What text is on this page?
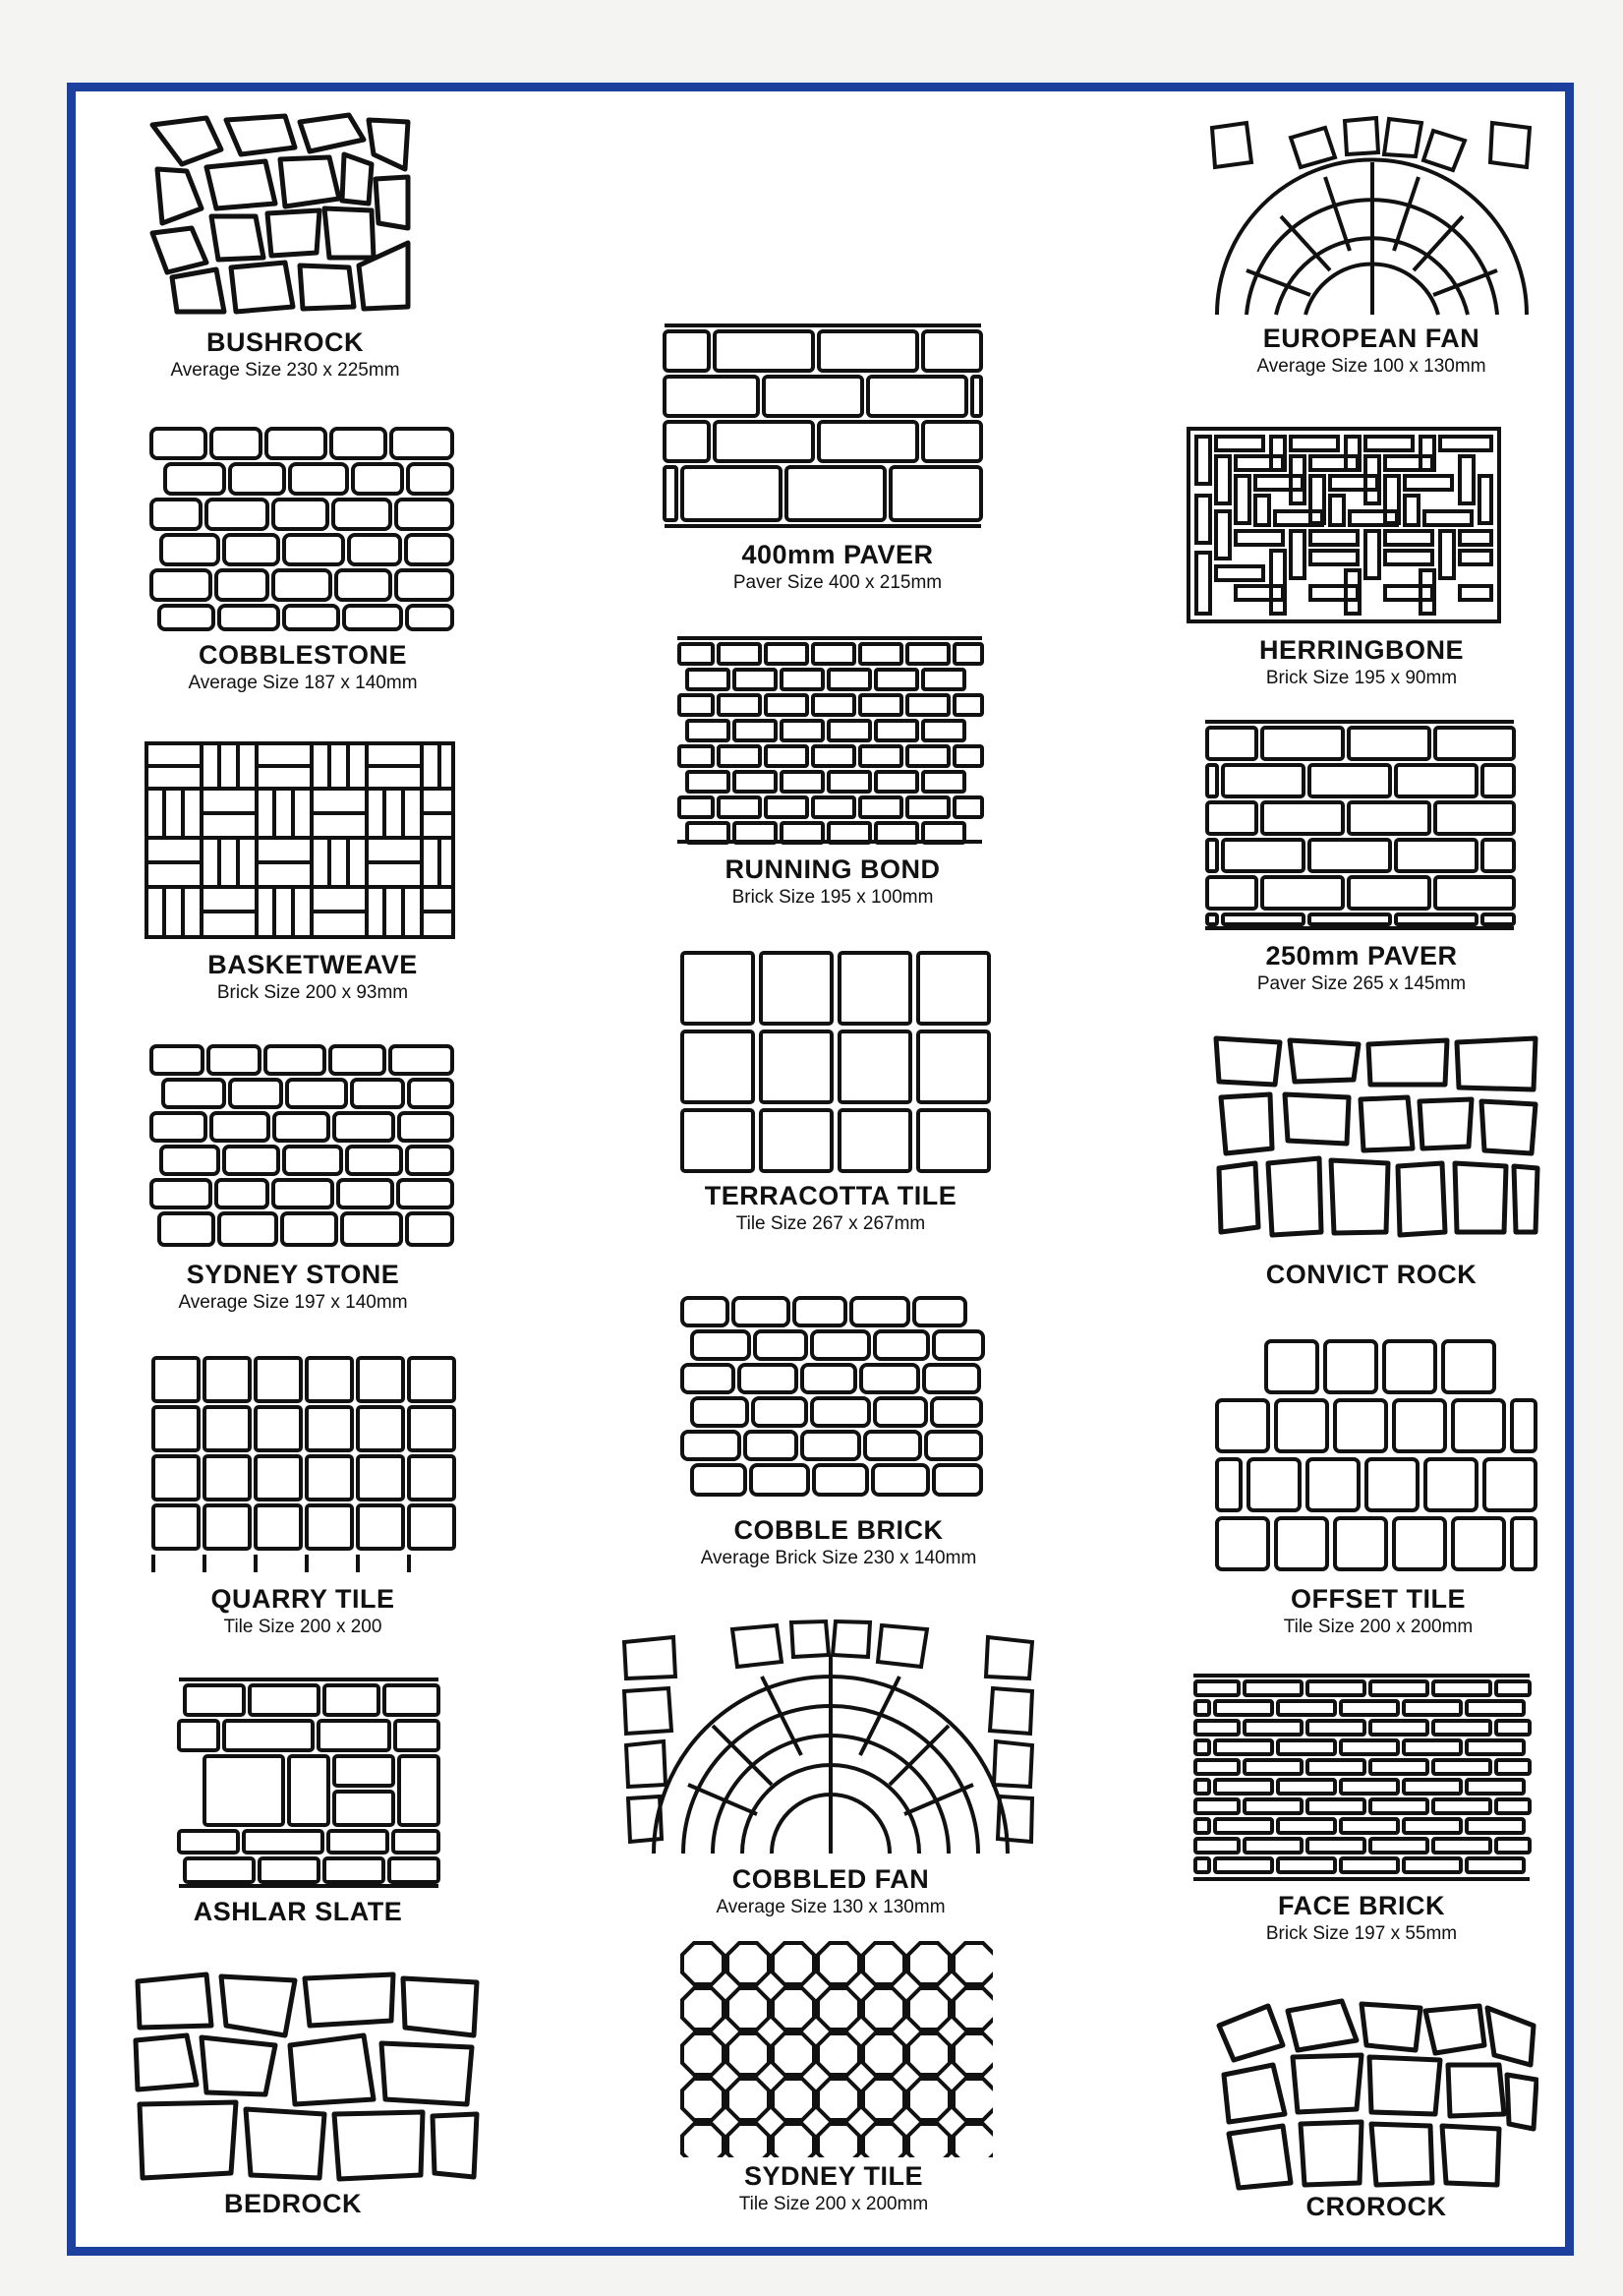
BUSHROCK
Average Size 230 x 225mm
COBBLESTONE
Average Size 187 x 140mm
BASKETWEAVE
Brick Size 200 x 93mm
SYDNEY STONE
Average Size 197 x 140mm
QUARRY TILE
Tile Size 200 x 200
ASHLAR SLATE
BEDROCK
400mm PAVER
Paver Size 400 x 215mm
RUNNING BOND
Brick Size 195 x 100mm
TERRACOTTA TILE
Tile Size 267 x 267mm
COBBLE BRICK
Average Brick Size 230 x 140mm
COBBLED FAN
Average Size 130 x 130mm
SYDNEY TILE
Tile Size 200 x 200mm
EUROPEAN FAN
Average Size 100 x 130mm
HERRINGBONE
Brick Size 195 x 90mm
250mm PAVER
Paver Size 265 x 145mm
CONVICT ROCK
OFFSET TILE
Tile Size 200 x 200mm
FACE BRICK
Brick Size 197 x 55mm
CROROCK
